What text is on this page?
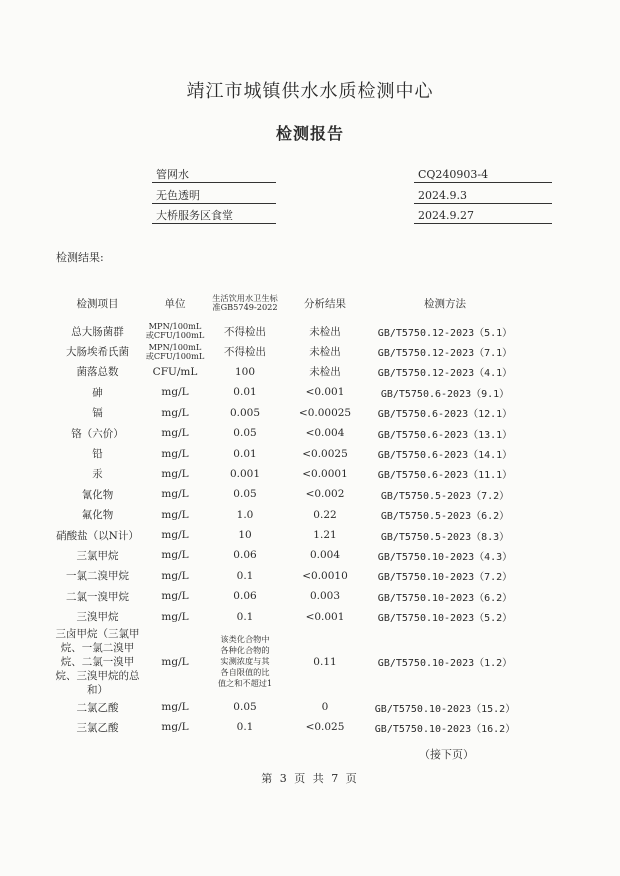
靖江市城镇供水水质检测中心
检测报告
管网水	CQ240903-4
无色透明	2024.9.3
大桥服务区食堂	2024.9.27
检测结果:
检测项目	单位	生活饮用水卫生标准GB5749-2022	分析结果	检测方法
总大肠菌群	MPN/100mL或CFU/100mL	不得检出	未检出	GB/T5750.12-2023（5.1）
大肠埃希氏菌	MPN/100mL或CFU/100mL	不得检出	未检出	GB/T5750.12-2023（7.1）
菌落总数	CFU/mL	100	未检出	GB/T5750.12-2023（4.1）
砷	mg/L	0.01	<0.001	GB/T5750.6-2023（9.1）
镉	mg/L	0.005	<0.00025	GB/T5750.6-2023（12.1）
铬（六价）	mg/L	0.05	<0.004	GB/T5750.6-2023（13.1）
铅	mg/L	0.01	<0.0025	GB/T5750.6-2023（14.1）
汞	mg/L	0.001	<0.0001	GB/T5750.6-2023（11.1）
氰化物	mg/L	0.05	<0.002	GB/T5750.5-2023（7.2）
氟化物	mg/L	1.0	0.22	GB/T5750.5-2023（6.2）
硝酸盐（以N计）	mg/L	10	1.21	GB/T5750.5-2023（8.3）
三氯甲烷	mg/L	0.06	0.004	GB/T5750.10-2023（4.3）
一氯二溴甲烷	mg/L	0.1	<0.0010	GB/T5750.10-2023（7.2）
二氯一溴甲烷	mg/L	0.06	0.003	GB/T5750.10-2023（6.2）
三溴甲烷	mg/L	0.1	<0.001	GB/T5750.10-2023（5.2）
三卤甲烷（三氯甲烷、一氯二溴甲烷、二氯一溴甲烷、三溴甲烷的总和）	mg/L	该类化合物中各种化合物的实测浓度与其各自限值的比值之和不超过1	0.11	GB/T5750.10-2023（1.2）
二氯乙酸	mg/L	0.05	0	GB/T5750.10-2023（15.2）
三氯乙酸	mg/L	0.1	<0.025	GB/T5750.10-2023（16.2）
（接下页）
第 3 页 共 7 页
